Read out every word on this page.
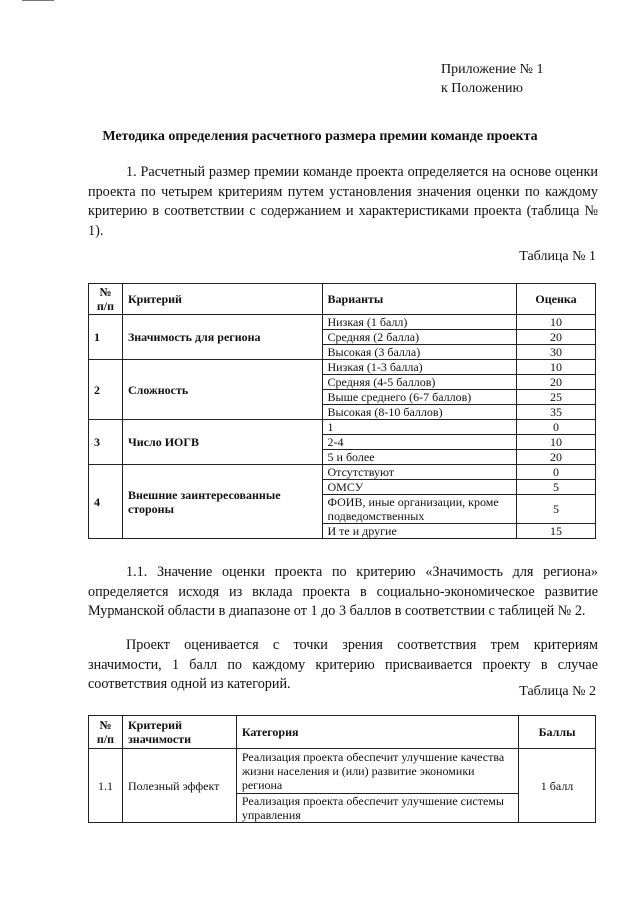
Приложение № 1
к Положению
Методика определения расчетного размера премии команде проекта
1. Расчетный размер премии команде проекта определяется на основе оценки проекта по четырем критериям путем установления значения оценки по каждому критерию в соответствии с содержанием и характеристиками проекта (таблица № 1).
Таблица № 1
№ п/п	Критерий	Варианты	Оценка
1	Значимость для региона	Низкая (1 балл)	10
		Средняя (2 балла)	20
		Высокая (3 балла)	30
2	Сложность	Низкая (1-3 балла)	10
		Средняя (4-5 баллов)	20
		Выше среднего (6-7 баллов)	25
		Высокая (8-10 баллов)	35
3	Число ИОГВ	1	0
		2-4	10
		5 и более	20
4	Внешние заинтересованные стороны	Отсутствуют	0
		ОМСУ	5
		ФОИВ, иные организации, кроме подведомственных	5
		И те и другие	15
1.1. Значение оценки проекта по критерию «Значимость для региона» определяется исходя из вклада проекта в социально-экономическое развитие Мурманской области в диапазоне от 1 до 3 баллов в соответствии с таблицей № 2.
Проект оценивается с точки зрения соответствия трем критериям значимости, 1 балл по каждому критерию присваивается проекту в случае соответствия одной из категорий.	Таблица № 2
№ п/п	Критерий значимости	Категория	Баллы
1.1	Полезный эффект	Реализация проекта обеспечит улучшение качества жизни населения и (или) развитие экономики региона	1 балл
		Реализация проекта обеспечит улучшение системы управления	
